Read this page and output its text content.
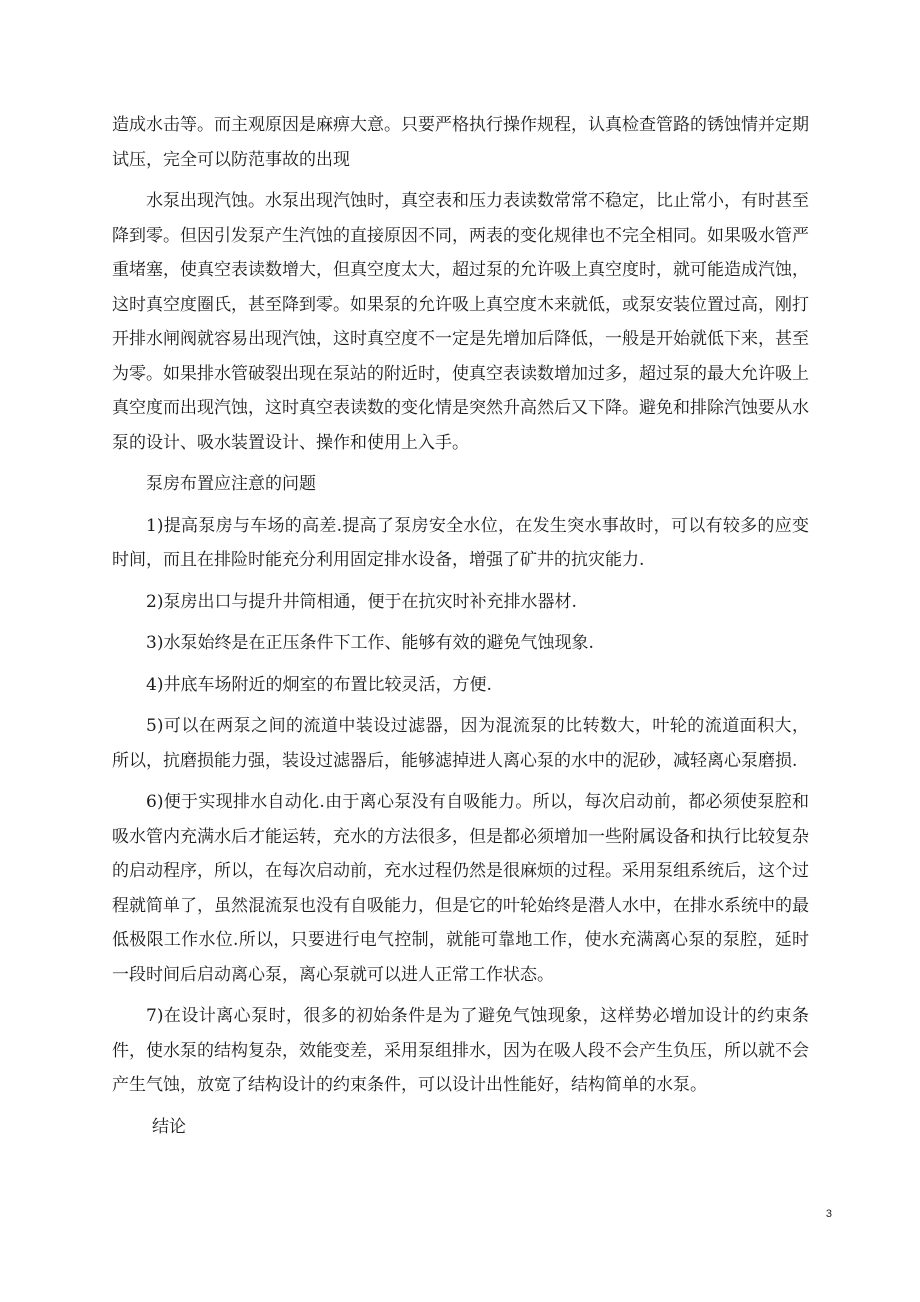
造成水击等。而主观原因是麻痹大意。只要严格执行操作规程，认真检查管路的锈蚀情并定期试压，完全可以防范事故的出现

水泵出现汽蚀。水泵出现汽蚀时，真空表和压力表读数常常不稳定，比止常小，有时甚至降到零。但因引发泵产生汽蚀的直接原因不同，两表的变化规律也不完全相同。如果吸水管严重堵塞，使真空表读数增大，但真空度太大，超过泵的允许吸上真空度时，就可能造成汽蚀，这时真空度圈氏，甚至降到零。如果泵的允许吸上真空度木来就低，或泵安装位置过高，刚打开排水闸阀就容易出现汽蚀，这时真空度不一定是先增加后降低，一般是开始就低下来，甚至为零。如果排水管破裂出现在泵站的附近时，使真空表读数增加过多，超过泵的最大允许吸上真空度而出现汽蚀，这时真空表读数的变化情是突然升高然后又下降。避免和排除汽蚀要从水泵的设计、吸水装置设计、操作和使用上入手。

泵房布置应注意的问题

1)提高泵房与车场的高差.提高了泵房安全水位，在发生突水事故时，可以有较多的应变时间，而且在排险时能充分利用固定排水设备，增强了矿井的抗灾能力.

2)泵房出口与提升井筒相通，便于在抗灾时补充排水器材.

3)水泵始终是在正压条件下工作、能够有效的避免气蚀现象.

4)井底车场附近的炯室的布置比较灵活，方便.

5)可以在两泵之间的流道中装设过滤器，因为混流泵的比转数大，叶轮的流道面积大，所以，抗磨损能力强，装设过滤器后，能够滤掉进人离心泵的水中的泥砂，减轻离心泵磨损.

6)便于实现排水自动化.由于离心泵没有自吸能力。所以，每次启动前，都必须使泵腔和吸水管内充满水后才能运转，充水的方法很多，但是都必须增加一些附属设备和执行比较复杂的启动程序，所以，在每次启动前，充水过程仍然是很麻烦的过程。采用泵组系统后，这个过程就简单了，虽然混流泵也没有自吸能力，但是它的叶轮始终是潜人水中，在排水系统中的最低极限工作水位.所以，只要进行电气控制，就能可靠地工作，使水充满离心泵的泵腔，延时一段时间后启动离心泵，离心泵就可以进人正常工作状态。

7)在设计离心泵时，很多的初始条件是为了避免气蚀现象，这样势必增加设计的约束条件，使水泵的结构复杂，效能变差，采用泵组排水，因为在吸人段不会产生负压，所以就不会产生气蚀，放宽了结构设计的约束条件，可以设计出性能好，结构简单的水泵。

结论

3
